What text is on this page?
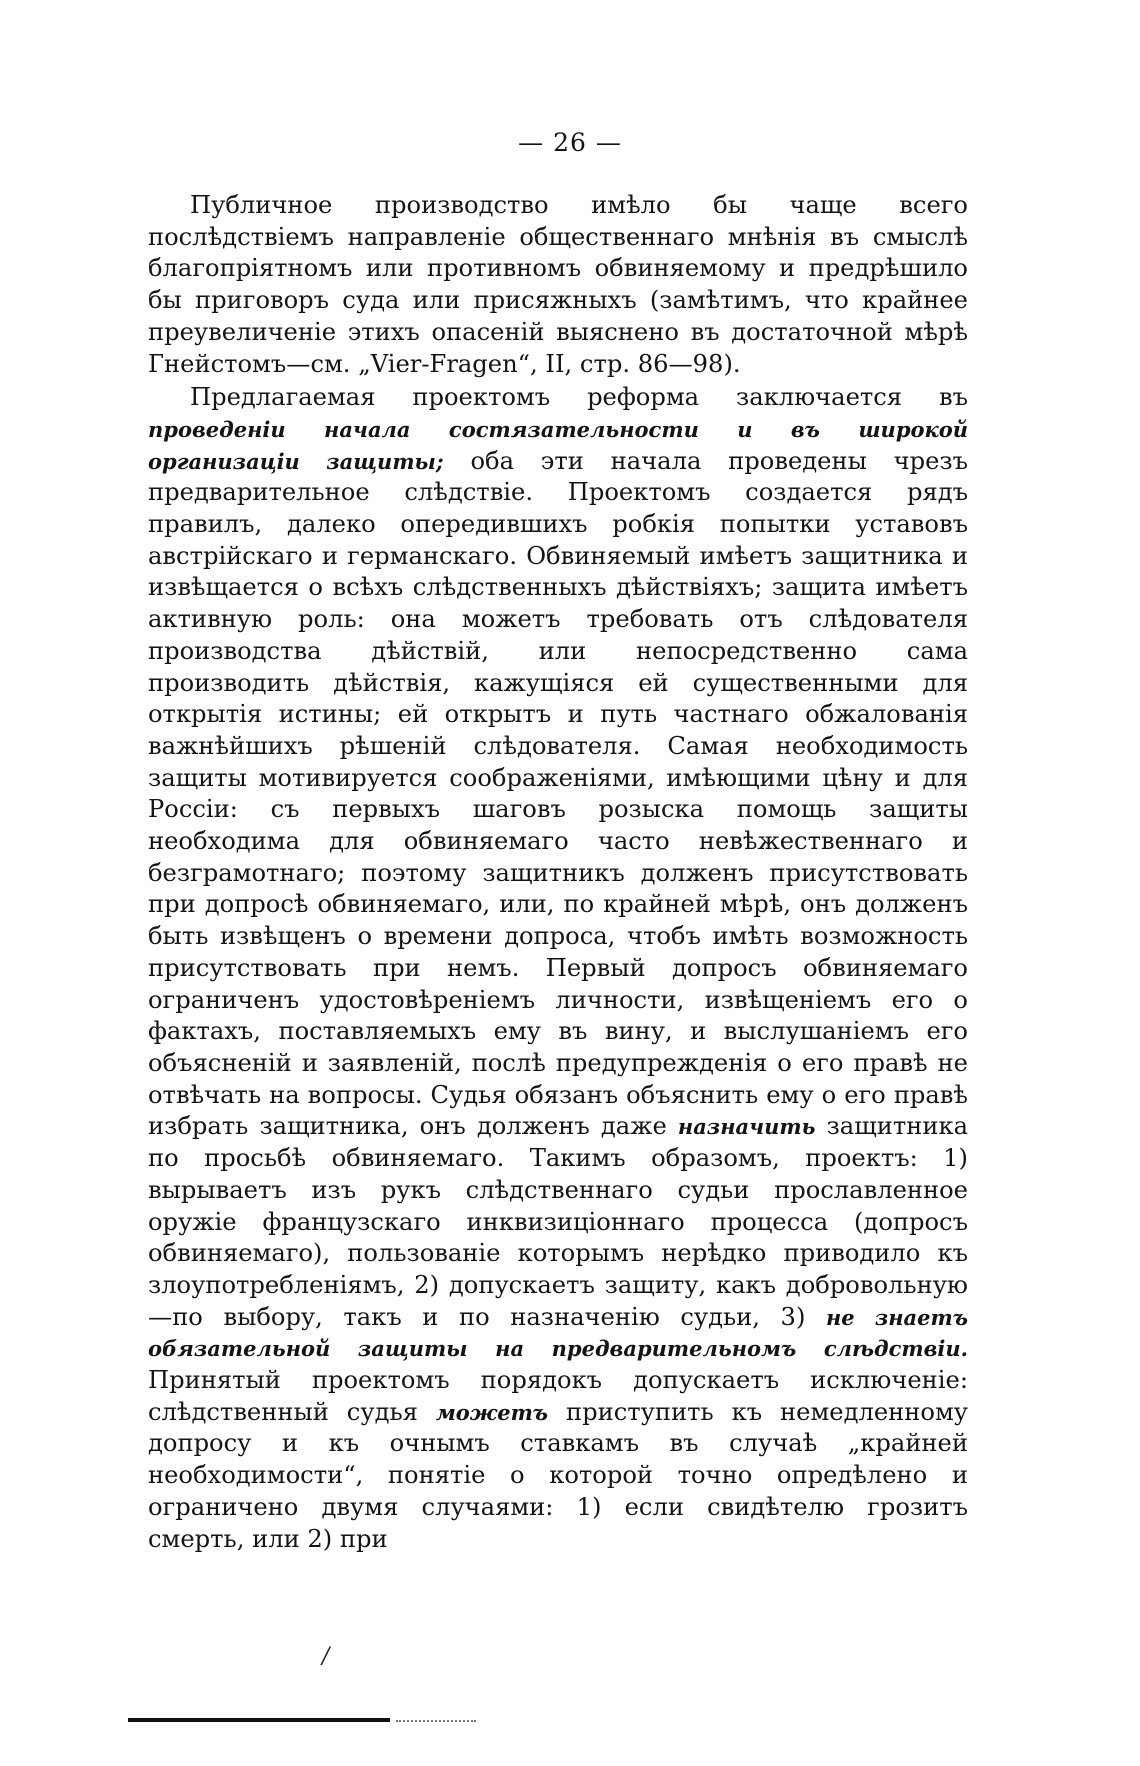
— 26 —

Публичное производство имѣло бы чаще всего послѣдствіемъ направленіе общественнаго мнѣнія въ смыслѣ благопріятномъ или противномъ обвиняемому и предрѣшило бы приговоръ суда или присяжныхъ (замѣтимъ, что крайнее преувеличеніе этихъ опасеній выяснено въ достаточной мѣрѣ Гнейстомъ—см. „Vier-Fragen“, II, стр. 86—98).

Предлагаемая проектомъ реформа заключается въ проведеніи начала состязательности и въ широкой организаціи защиты; оба эти начала проведены чрезъ предварительное слѣдствіе. Проектомъ создается рядъ правилъ, далеко опередившихъ робкія попытки уставовъ австрійскаго и германскаго. Обвиняемый имѣетъ защитника и извѣщается о всѣхъ слѣдственныхъ дѣйствіяхъ; защита имѣетъ активную роль: она можетъ требовать отъ слѣдователя производства дѣйствій, или непосредственно сама производить дѣйствія, кажущіяся ей существенными для открытія истины; ей открытъ и путь частнаго обжалованія важнѣйшихъ рѣшеній слѣдователя. Самая необходимость защиты мотивируется соображеніями, имѣющими цѣну и для Россіи: съ первыхъ шаговъ розыска помощь защиты необходима для обвиняемаго часто невѣжественнаго и безграмотнаго; поэтому защитникъ долженъ присутствовать при допросѣ обвиняемаго, или, по крайней мѣрѣ, онъ долженъ быть извѣщенъ о времени допроса, чтобъ имѣть возможность присутствовать при немъ. Первый допросъ обвиняемаго ограниченъ удостовѣреніемъ личности, извѣщеніемъ его о фактахъ, поставляемыхъ ему въ вину, и выслушаніемъ его объясненій и заявленій, послѣ предупрежденія о его правѣ не отвѣчать на вопросы. Судья обязанъ объяснить ему о его правѣ избрать защитника, онъ долженъ даже назначить защитника по просьбѣ обвиняемаго. Такимъ образомъ, проектъ: 1) вырываетъ изъ рукъ слѣдственнаго судьи прославленное оружіе французскаго инквизиціоннаго процесса (допросъ обвиняемаго), пользованіе которымъ нерѣдко приводило къ злоупотребленіямъ, 2) допускаетъ защиту, какъ добровольную—по выбору, такъ и по назначенію судьи, 3) не знаетъ обязательной защиты на предварительномъ слѣдствіи. Принятый проектомъ порядокъ допускаетъ исключеніе: слѣдственный судья можетъ приступить къ немедленному допросу и къ очнымъ ставкамъ въ случаѣ „крайней необходимости“, понятіе о которой точно опредѣлено и ограничено двумя случаями: 1) если свидѣтелю грозитъ смерть, или 2) при

/
